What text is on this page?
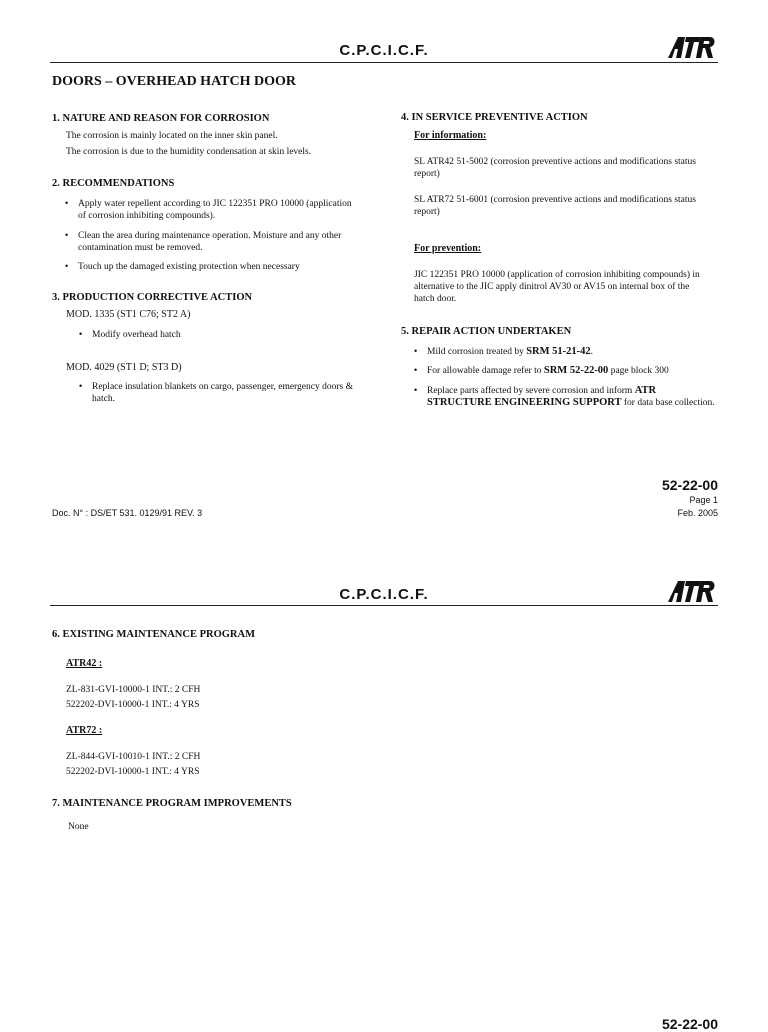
C.P.C.I.C.F.
DOORS – OVERHEAD HATCH DOOR
1. NATURE AND REASON FOR CORROSION
The corrosion is mainly located on the inner skin panel.
The corrosion is due to the humidity condensation at skin levels.
2. RECOMMENDATIONS
• Apply water repellent according to JIC 122351 PRO 10000 (application
of corrosion inhibiting compounds).
• Clean the area during maintenance operation. Moisture and any other
contamination must be removed.
• Touch up the damaged existing protection when necessary
3. PRODUCTION CORRECTIVE ACTION
MOD. 1335 (ST1 C76; ST2 A)
• Modify overhead hatch
MOD. 4029 (ST1 D; ST3 D)
• Replace insulation blankets on cargo, passenger, emergency doors &
hatch.
4. IN SERVICE PREVENTIVE ACTION
For information:
SL ATR42 51-5002 (corrosion preventive actions and modifications status
report)
SL ATR72 51-6001 (corrosion preventive actions and modifications status
report)
For prevention:
JIC 122351 PRO 10000 (application of corrosion inhibiting compounds) in
alternative to the JIC apply dinitrol AV30 or AV15 on internal box of the
hatch door.
5. REPAIR ACTION UNDERTAKEN
• Mild corrosion treated by SRM 51-21-42.
• For allowable damage refer to SRM 52-22-00 page block 300
• Replace parts affected by severe corrosion and inform ATR
STRUCTURE ENGINEERING SUPPORT for data base collection.
52-22-00
Page 1
Doc. N° : DS/ET 531. 0129/91 REV. 3	Feb. 2005
C.P.C.I.C.F.
6. EXISTING MAINTENANCE PROGRAM
ATR42 :
ZL-831-GVI-10000-1 INT.: 2 CFH
522202-DVI-10000-1 INT.: 4 YRS
ATR72 :
ZL-844-GVI-10010-1 INT.: 2 CFH
522202-DVI-10000-1 INT.: 4 YRS
7. MAINTENANCE PROGRAM IMPROVEMENTS
None
52-22-00
